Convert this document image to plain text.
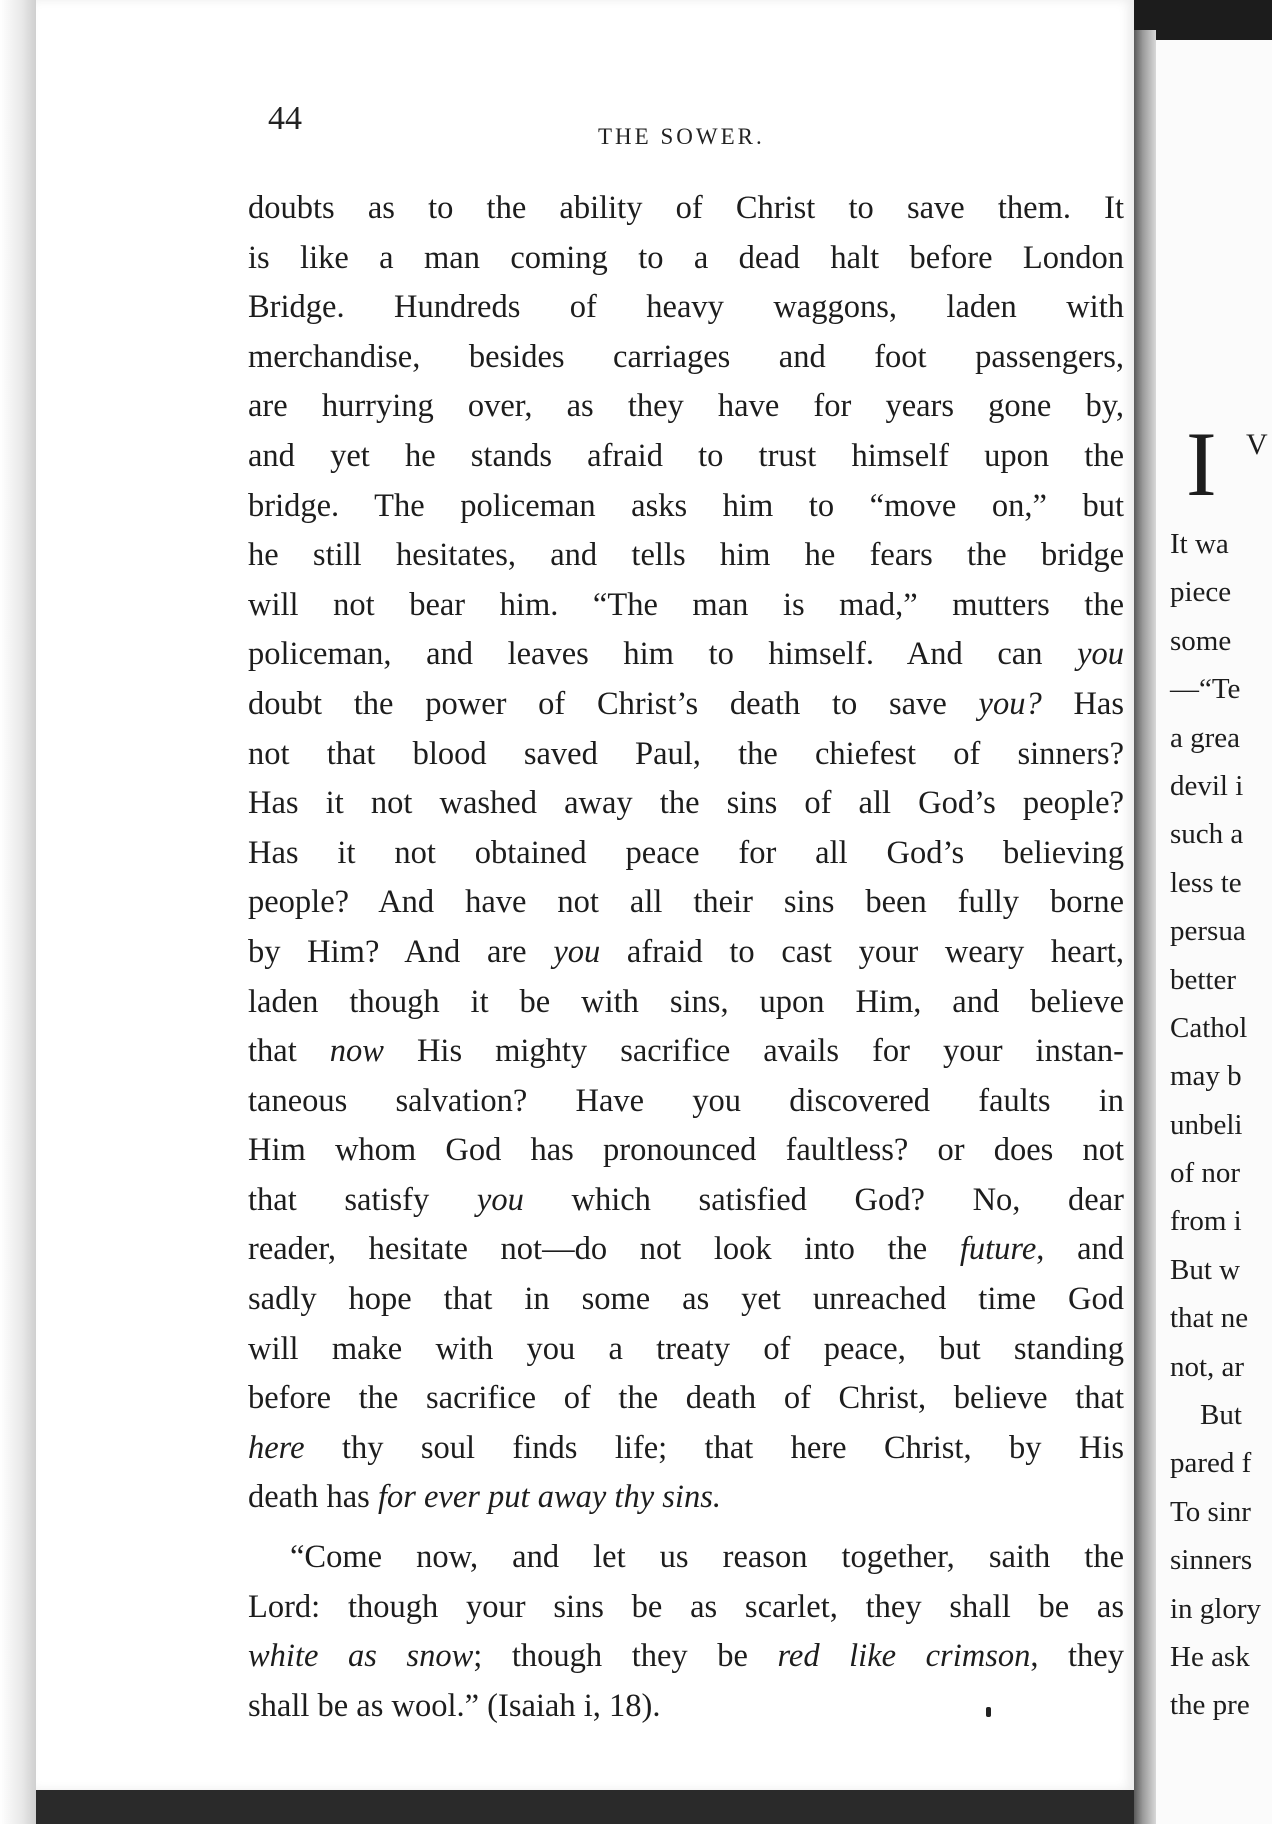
44	THE SOWER.
doubts as to the ability of Christ to save them. It
is like a man coming to a dead halt before London
Bridge. Hundreds of heavy waggons, laden with
merchandise, besides carriages and foot passengers,
are hurrying over, as they have for years gone by,
and yet he stands afraid to trust himself upon the
bridge. The policeman asks him to “move on,” but
he still hesitates, and tells him he fears the bridge
will not bear him. “The man is mad,” mutters the
policeman, and leaves him to himself. And can you
doubt the power of Christ’s death to save you? Has
not that blood saved Paul, the chiefest of sinners?
Has it not washed away the sins of all God’s people?
Has it not obtained peace for all God’s believing
people? And have not all their sins been fully borne
by Him? And are you afraid to cast your weary heart,
laden though it be with sins, upon Him, and believe
that now His mighty sacrifice avails for your instan-
taneous salvation? Have you discovered faults in
Him whom God has pronounced faultless? or does not
that satisfy you which satisfied God? No, dear
reader, hesitate not—do not look into the future, and
sadly hope that in some as yet unreached time God
will make with you a treaty of peace, but standing
before the sacrifice of the death of Christ, believe that
here thy soul finds life; that here Christ, by His
death has for ever put away thy sins.
“Come now, and let us reason together, saith the
Lord: though your sins be as scarlet, they shall be as
white as snow; though they be red like crimson, they
shall be as wool.” (Isaiah i, 18).
I V
It wa
piece
some
—“Te
a grea
devil i
such a
less te
persua
better
Cathol
may b
unbeli
of nor
from i
But w
that ne
not, ar
But
pared f
To sinr
sinners
in glory
He ask
the pre
